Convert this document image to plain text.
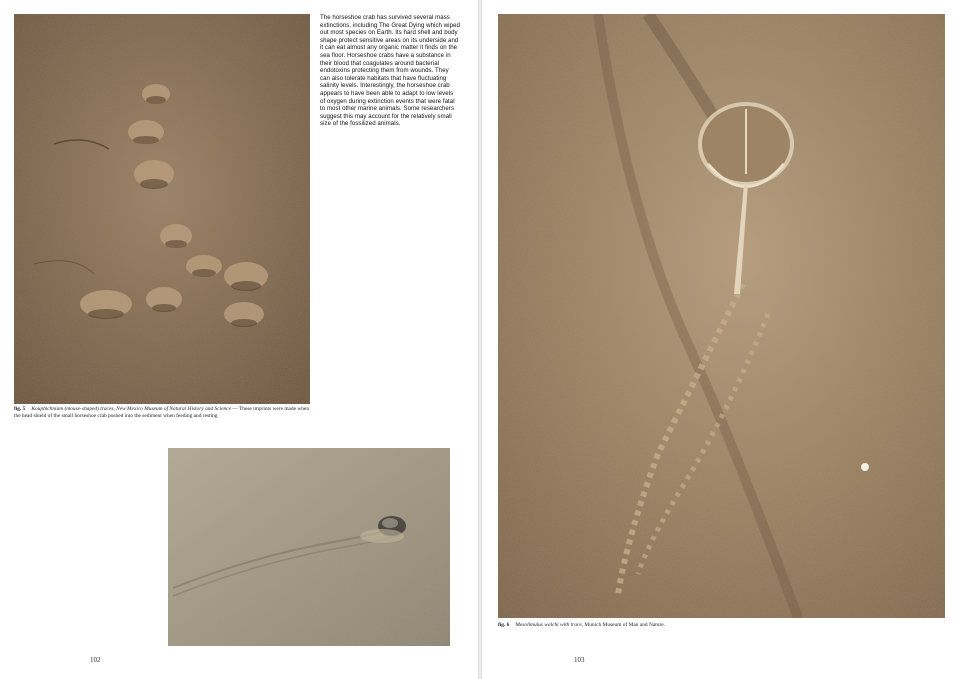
The horseshoe crab has survived several mass extinctions, including The Great Dying which wiped out most species on Earth. Its hard shell and body shape protect sensitive areas on its underside and it can eat almost any organic matter it finds on the sea floor. Horseshoe crabs have a substance in their blood that coagulates around bacterial endotoxins protecting them from wounds. They can also tolerate habitats that have fluctuating salinity levels. Interestingly, the horseshoe crab appears to have been able to adapt to low levels of oxygen during extinction events that were fatal to most other marine animals. Some researchers suggest this may account for the relatively small size of the fossilized animals.
fig. 5 Kouphichnium (mouse-shaped) traces, New Mexico Museum of Natural History and Science — These imprints were made when the head shield of the small horseshoe crab pushed into the sediment when feeding and resting
102
fig. 6 Mesolimulus walchi with trace, Munich Museum of Man and Nature.
103
